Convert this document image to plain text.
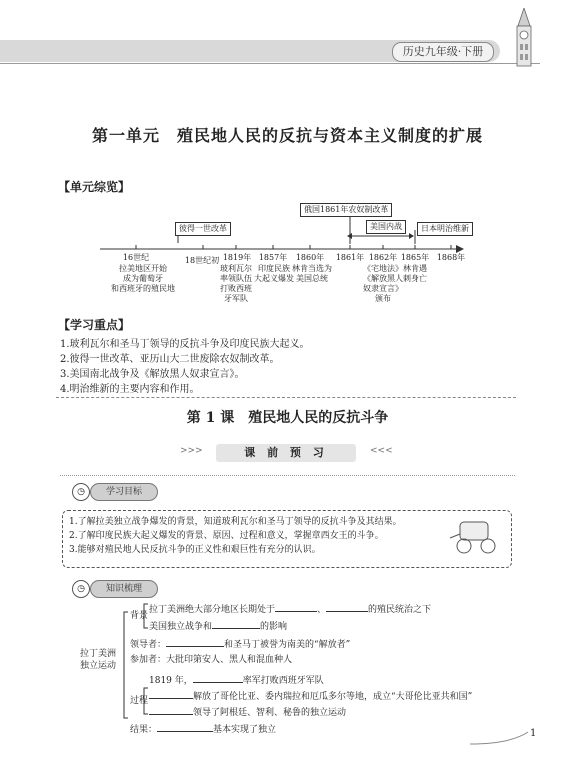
历史九年级·下册
第一单元　殖民地人民的反抗与资本主义制度的扩展
【单元综览】
彼得一世改革
俄国1861年农奴制改革
美国内战	日本明治维新
16世纪
拉美地区开始
成为葡萄牙
和西班牙的殖民地
18世纪初 1819年
玻利瓦尔
率领队伍
打败西班
牙军队
1857年
印度民族
大起义爆发
1860年
林肯当选为
美国总统
1861年 1862年
《宅地法》
《解放黑人
奴隶宣言》
颁布
1865年
林肯遇
刺身亡
1868年
【学习重点】
1.玻利瓦尔和圣马丁领导的反抗斗争及印度民族大起义。
2.彼得一世改革、亚历山大二世废除农奴制改革。
3.美国南北战争及《解放黑人奴隶宣言》。
4.明治维新的主要内容和作用。
第 1 课　殖民地人民的反抗斗争
>>>	<<<
课 前 预 习
◷	学习目标
1.了解拉美独立战争爆发的背景，知道玻利瓦尔和圣马丁领导的反抗斗争及其结果。
2.了解印度民族大起义爆发的背景、原因、过程和意义，掌握章西女王的斗争。
3.能够对殖民地人民反抗斗争的正义性和艰巨性有充分的认识。
◷	知识梳理
拉丁美洲
独立运动
背景
拉丁美洲绝大部分地区长期处于	、	的殖民统治之下
美国独立战争和	的影响
领导者：	和圣马丁被誉为南美的“解放者”
参加者：大批印第安人、黑人和混血种人
过程
1819 年，	率军打败西班牙军队
解放了哥伦比亚、委内瑞拉和厄瓜多尔等地，成立“大哥伦比亚共和国”
领导了阿根廷、智利、秘鲁的独立运动
结果：	基本实现了独立	1
